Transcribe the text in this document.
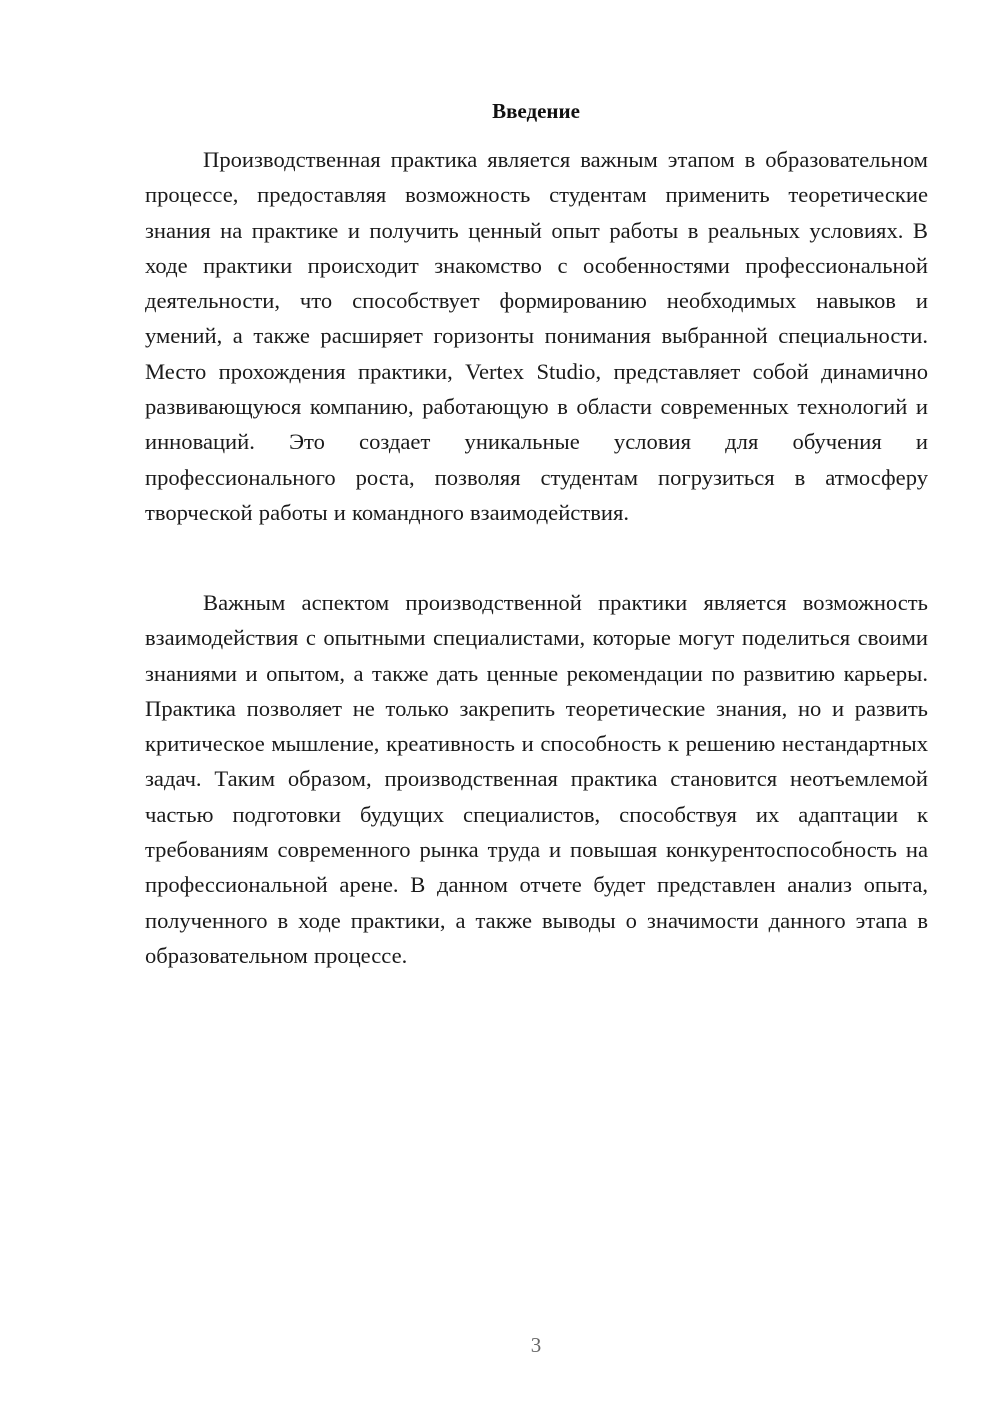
Введение

Производственная практика является важным этапом в образовательном процессе, предоставляя возможность студентам применить теоретические знания на практике и получить ценный опыт работы в реальных условиях. В ходе практики происходит знакомство с особенностями профессиональной деятельности, что способствует формированию необходимых навыков и умений, а также расширяет горизонты понимания выбранной специальности. Место прохождения практики, Vertex Studio, представляет собой динамично развивающуюся компанию, работающую в области современных технологий и инноваций. Это создает уникальные условия для обучения и профессионального роста, позволяя студентам погрузиться в атмосферу творческой работы и командного взаимодействия.

Важным аспектом производственной практики является возможность взаимодействия с опытными специалистами, которые могут поделиться своими знаниями и опытом, а также дать ценные рекомендации по развитию карьеры. Практика позволяет не только закрепить теоретические знания, но и развить критическое мышление, креативность и способность к решению нестандартных задач. Таким образом, производственная практика становится неотъемлемой частью подготовки будущих специалистов, способствуя их адаптации к требованиям современного рынка труда и повышая конкурентоспособность на профессиональной арене. В данном отчете будет представлен анализ опыта, полученного в ходе практики, а также выводы о значимости данного этапа в образовательном процессе.

3
